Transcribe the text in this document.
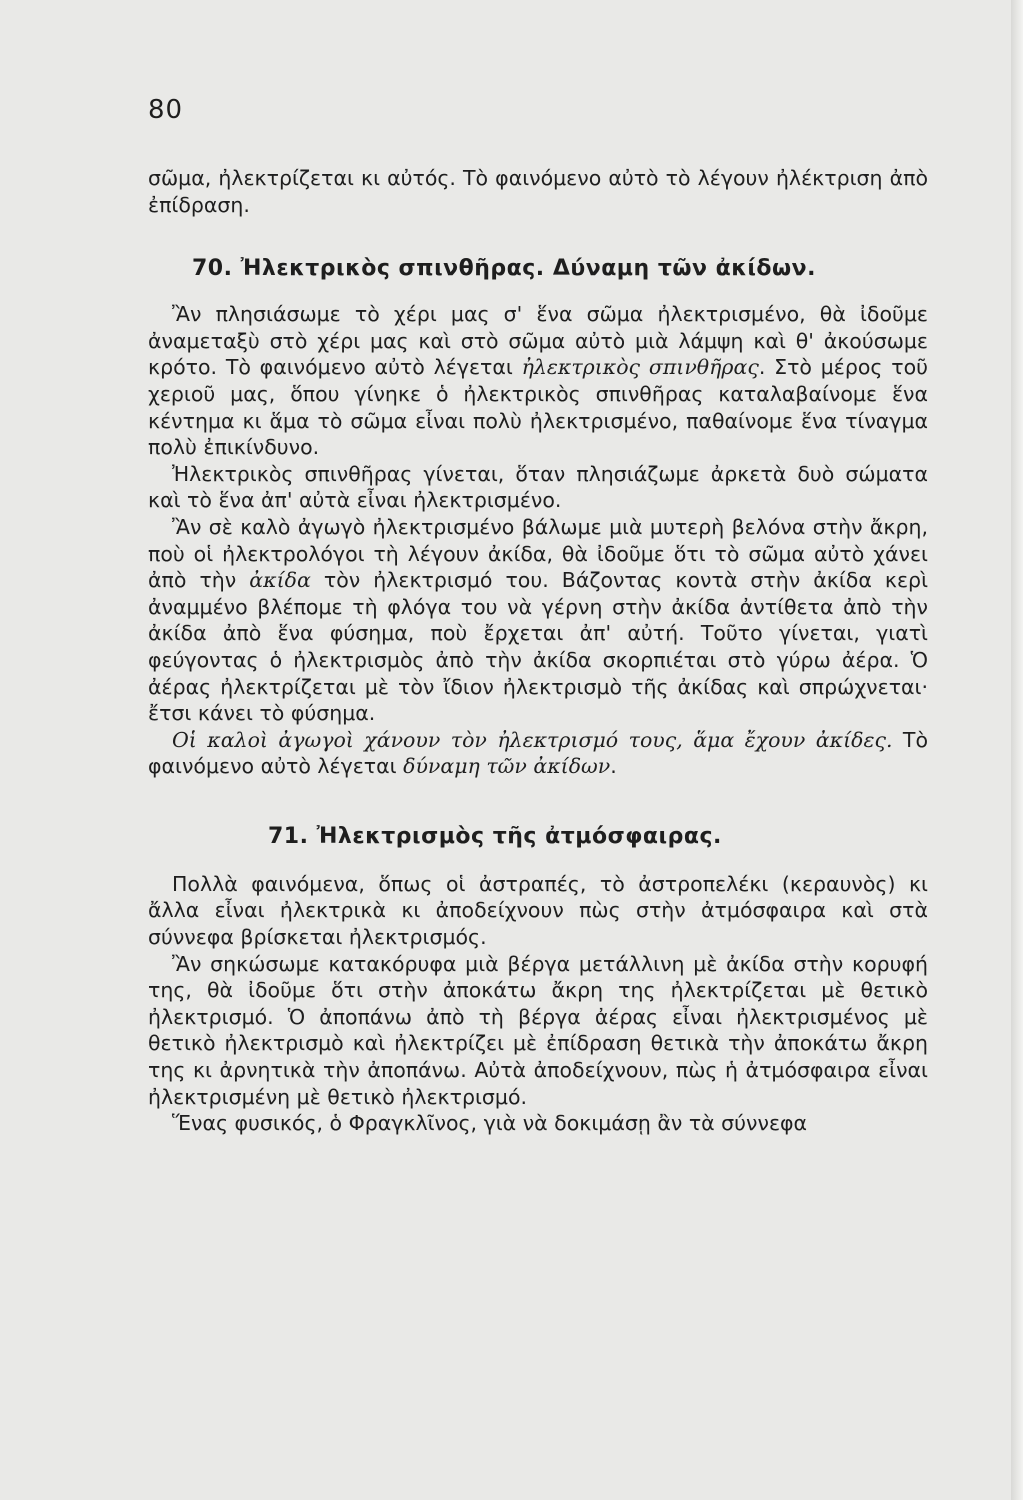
80

σῶμα, ἠλεκτρίζεται κι αὐτός. Τὸ φαινόμενο αὐτὸ τὸ λέγουν ἠλέκτριση ἀπὸ ἐπίδραση.

70. Ἠλεκτρικὸς σπινθῆρας. Δύναμη τῶν ἀκίδων.

Ἂν πλησιάσωμε τὸ χέρι μας σ' ἕνα σῶμα ἠλεκτρισμένο, θὰ ἰδοῦμε ἀναμεταξὺ στὸ χέρι μας καὶ στὸ σῶμα αὐτὸ μιὰ λάμψη καὶ θ' ἀκούσωμε κρότο. Τὸ φαινόμενο αὐτὸ λέγεται ἠλεκτρικὸς σπινθῆρας. Στὸ μέρος τοῦ χεριοῦ μας, ὅπου γίνηκε ὁ ἠλεκτρικὸς σπινθῆρας καταλαβαίνομε ἕνα κέντημα κι ἅμα τὸ σῶμα εἶναι πολὺ ἠλεκτρισμένο, παθαίνομε ἕνα τίναγμα πολὺ ἐπικίνδυνο.

Ἠλεκτρικὸς σπινθῆρας γίνεται, ὅταν πλησιάζωμε ἀρκετὰ δυὸ σώματα καὶ τὸ ἕνα ἀπ' αὐτὰ εἶναι ἠλεκτρισμένο.

Ἂν σὲ καλὸ ἀγωγὸ ἠλεκτρισμένο βάλωμε μιὰ μυτερὴ βελόνα στὴν ἄκρη, ποὺ οἱ ἠλεκτρολόγοι τὴ λέγουν ἀκίδα, θὰ ἰδοῦμε ὅτι τὸ σῶμα αὐτὸ χάνει ἀπὸ τὴν ἀκίδα τὸν ἠλεκτρισμό του. Βάζοντας κοντὰ στὴν ἀκίδα κερὶ ἀναμμένο βλέπομε τὴ φλόγα του νὰ γέρνη στὴν ἀκίδα ἀντίθετα ἀπὸ τὴν ἀκίδα ἀπὸ ἕνα φύσημα, ποὺ ἔρχεται ἀπ' αὐτή. Τοῦτο γίνεται, γιατὶ φεύγοντας ὁ ἠλεκτρισμὸς ἀπὸ τὴν ἀκίδα σκορπιέται στὸ γύρω ἀέρα. Ὁ ἀέρας ἠλεκτρίζεται μὲ τὸν ἴδιον ἠλεκτρισμὸ τῆς ἀκίδας καὶ σπρώχνεται· ἔτσι κάνει τὸ φύσημα.

Οἱ καλοὶ ἀγωγοὶ χάνουν τὸν ἠλεκτρισμό τους, ἅμα ἔχουν ἀκίδες. Τὸ φαινόμενο αὐτὸ λέγεται δύναμη τῶν ἀκίδων.

71. Ἠλεκτρισμὸς τῆς ἀτμόσφαιρας.

Πολλὰ φαινόμενα, ὅπως οἱ ἀστραπές, τὸ ἀστροπελέκι (κεραυνὸς) κι ἄλλα εἶναι ἠλεκτρικὰ κι ἀποδείχνουν πὼς στὴν ἀτμόσφαιρα καὶ στὰ σύννεφα βρίσκεται ἠλεκτρισμός.

Ἂν σηκώσωμε κατακόρυφα μιὰ βέργα μετάλλινη μὲ ἀκίδα στὴν κορυφή της, θὰ ἰδοῦμε ὅτι στὴν ἀποκάτω ἄκρη της ἠλεκτρίζεται μὲ θετικὸ ἠλεκτρισμό. Ὁ ἀποπάνω ἀπὸ τὴ βέργα ἀέρας εἶναι ἠλεκτρισμένος μὲ θετικὸ ἠλεκτρισμὸ καὶ ἠλεκτρίζει μὲ ἐπίδραση θετικὰ τὴν ἀποκάτω ἄκρη της κι ἀρνητικὰ τὴν ἀποπάνω. Αὐτὰ ἀποδείχνουν, πὼς ἡ ἀτμόσφαιρα εἶναι ἠλεκτρισμένη μὲ θετικὸ ἠλεκτρισμό.

Ἕνας φυσικός, ὁ Φραγκλῖνος, γιὰ νὰ δοκιμάσῃ ἂν τὰ σύννεφα
